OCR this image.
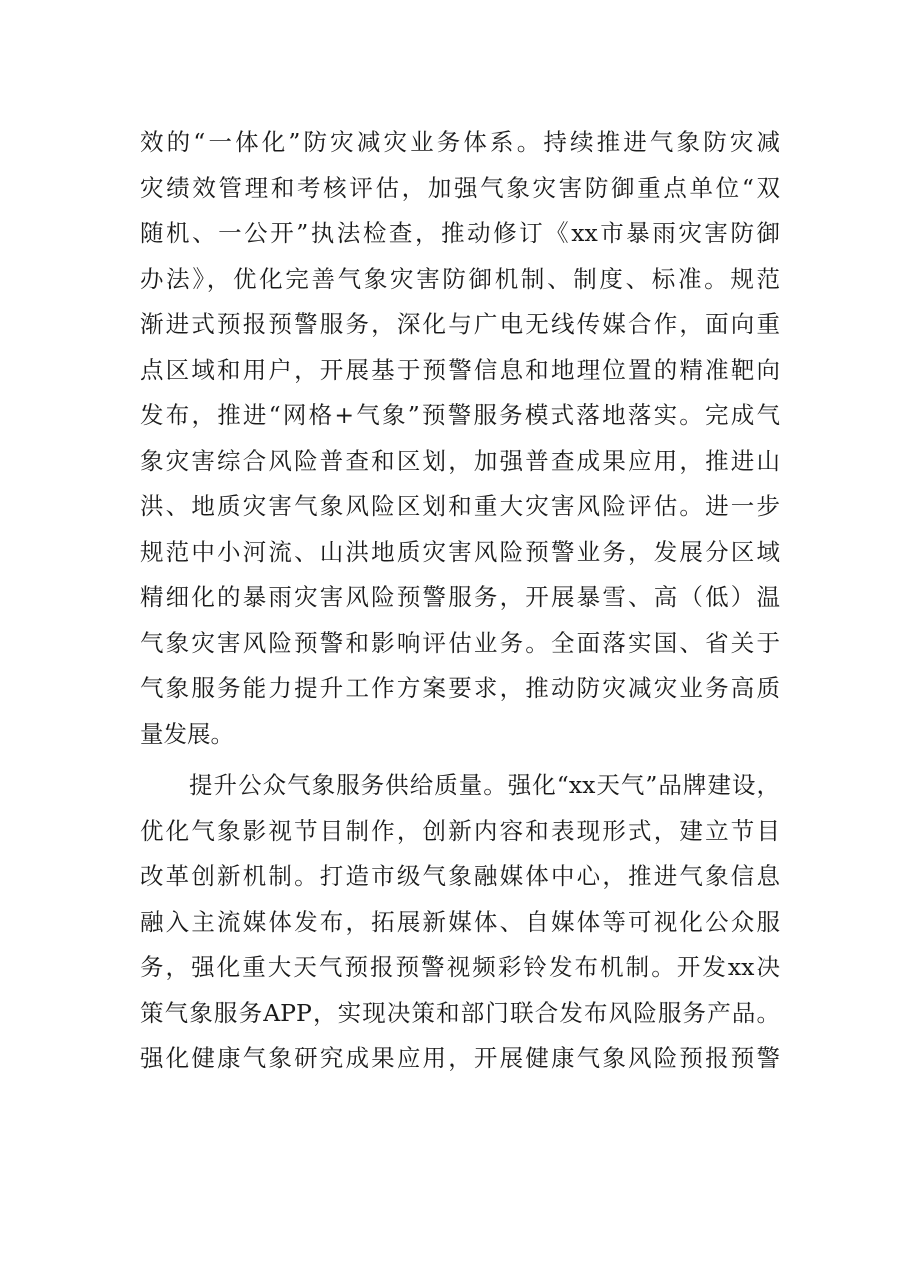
效的“一体化”防灾减灾业务体系。持续推进气象防灾减
灾绩效管理和考核评估，加强气象灾害防御重点单位“双
随机、一公开”执法检查，推动修订《xx市暴雨灾害防御
办法》，优化完善气象灾害防御机制、制度、标准。规范
渐进式预报预警服务，深化与广电无线传媒合作，面向重
点区域和用户，开展基于预警信息和地理位置的精准靶向
发布，推进“网格+气象”预警服务模式落地落实。完成气
象灾害综合风险普查和区划，加强普查成果应用，推进山
洪、地质灾害气象风险区划和重大灾害风险评估。进一步
规范中小河流、山洪地质灾害风险预警业务，发展分区域
精细化的暴雨灾害风险预警服务，开展暴雪、高（低）温
气象灾害风险预警和影响评估业务。全面落实国、省关于
气象服务能力提升工作方案要求，推动防灾减灾业务高质
量发展。
　　提升公众气象服务供给质量。强化“xx天气”品牌建设，
优化气象影视节目制作，创新内容和表现形式，建立节目
改革创新机制。打造市级气象融媒体中心，推进气象信息
融入主流媒体发布，拓展新媒体、自媒体等可视化公众服
务，强化重大天气预报预警视频彩铃发布机制。开发xx决
策气象服务APP，实现决策和部门联合发布风险服务产品。
强化健康气象研究成果应用，开展健康气象风险预报预警
